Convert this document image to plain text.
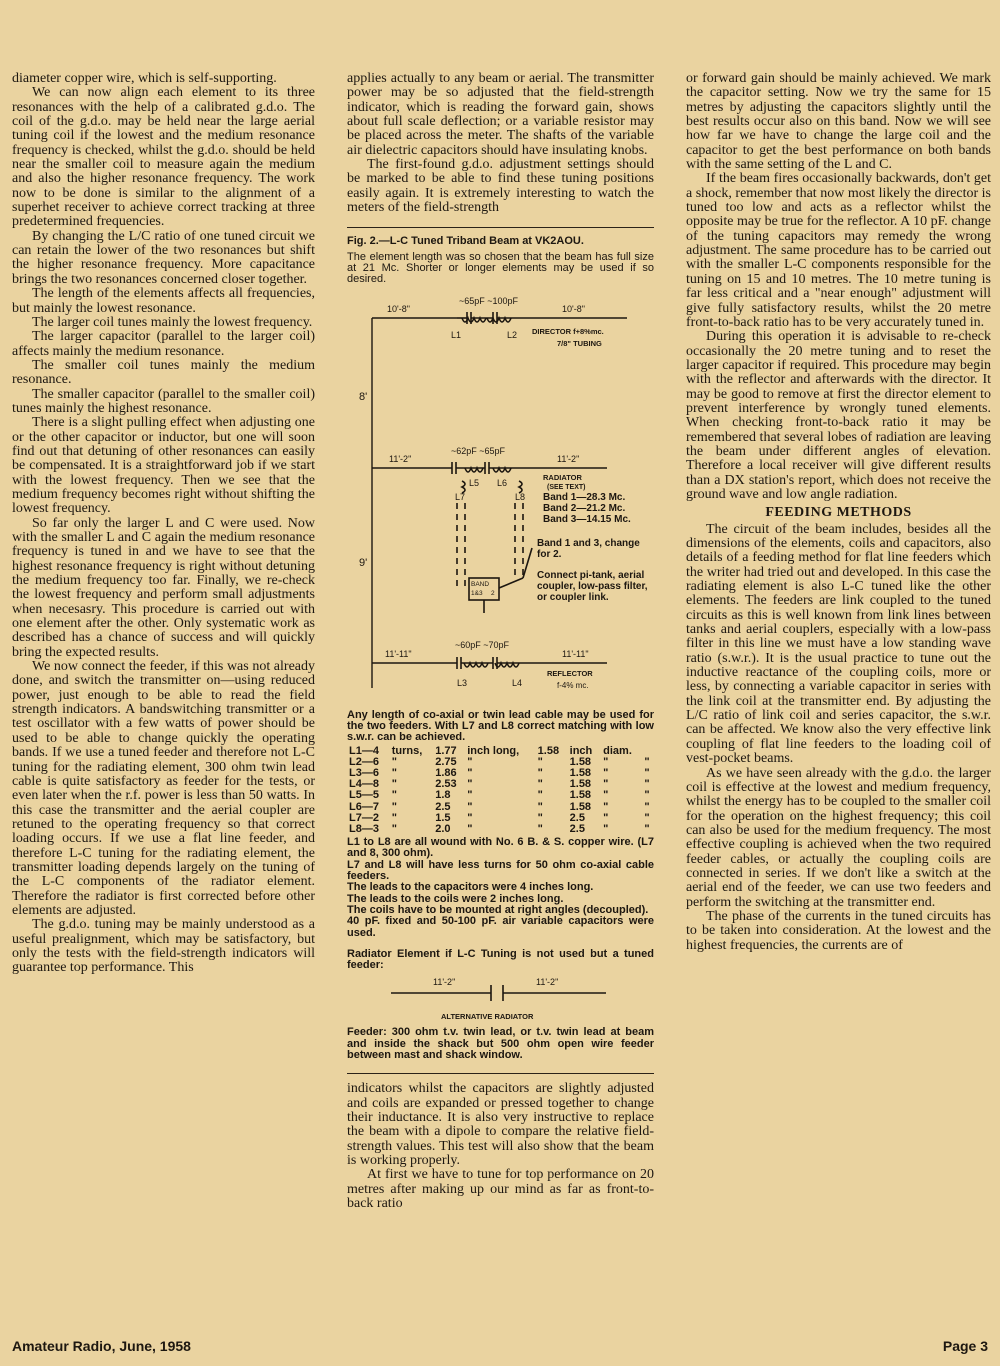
diameter copper wire, which is self-supporting.

We can now align each element to its three resonances with the help of a calibrated g.d.o. The coil of the g.d.o. may be held near the large aerial tuning coil if the lowest and the medium resonance frequency is checked, whilst the g.d.o. should be held near the smaller coil to measure again the medium and also the higher resonance frequency. The work now to be done is similar to the alignment of a superhet receiver to achieve correct tracking at three predetermined frequencies.

By changing the L/C ratio of one tuned circuit we can retain the lower of the two resonances but shift the higher resonance frequency. More capacitance brings the two resonances concerned closer together.

The length of the elements affects all frequencies, but mainly the lowest resonance.

The larger coil tunes mainly the lowest frequency.

The larger capacitor (parallel to the larger coil) affects mainly the medium resonance.

The smaller coil tunes mainly the medium resonance.

The smaller capacitor (parallel to the smaller coil) tunes mainly the highest resonance.

There is a slight pulling effect when adjusting one or the other capacitor or inductor, but one will soon find out that detuning of other resonances can easily be compensated. It is a straightforward job if we start with the lowest frequency. Then we see that the medium frequency becomes right without shifting the lowest frequency.

So far only the larger L and C were used. Now with the smaller L and C again the medium resonance frequency is tuned in and we have to see that the highest resonance frequency is right without detuning the medium frequency too far. Finally, we re-check the lowest frequency and perform small adjustments when necesasry. This procedure is carried out with one element after the other. Only systematic work as described has a chance of success and will quickly bring the expected results.

We now connect the feeder, if this was not already done, and switch the transmitter on—using reduced power, just enough to be able to read the field strength indicators. A bandswitching transmitter or a test oscillator with a few watts of power should be used to be able to change quickly the operating bands. If we use a tuned feeder and therefore not L-C tuning for the radiating element, 300 ohm twin lead cable is quite satisfactory as feeder for the tests, or even later when the r.f. power is less than 50 watts. In this case the transmitter and the aerial coupler are retuned to the operating frequency so that correct loading occurs. If we use a flat line feeder, and therefore L-C tuning for the radiating element, the transmitter loading depends largely on the tuning of the L-C components of the radiator element. Therefore the radiator is first corrected before other elements are adjusted.

The g.d.o. tuning may be mainly understood as a useful prealignment, which may be satisfactory, but only the tests with the field-strength indicators will guarantee top performance. This

applies actually to any beam or aerial. The transmitter power may be so adjusted that the field-strength indicator, which is reading the forward gain, shows about full scale deflection; or a variable resistor may be placed across the meter. The shafts of the variable air dielectric capacitors should have insulating knobs.

The first-found g.d.o. adjustment settings should be marked to be able to find these tuning positions easily again. It is extremely interesting to watch the meters of the field-strength

Fig. 2.—L-C Tuned Triband Beam at VK2AOU.

The element length was so chosen that the beam has full size at 21 Mc. Shorter or longer elements may be used if so desired.

10'-8"	10'-8"
~65pF ~100pF
L1	L2 DIRECTOR f+8%mc.
7/8" TUBING
8'
11'-2"	11'-2"
~62pF ~65pF
L5 L6
L7	L8
RADIATOR
(SEE TEXT)
Band 1—28.3 Mc.
Band 2—21.2 Mc.
Band 3—14.15 Mc.
9'
BAND
1&3 2
Band 1 and 3, change for 2.
Connect pi-tank, aerial coupler, low-pass filter, or coupler link.
11'-11"	11'-11"
~60pF ~70pF
L3	L4
REFLECTOR
f-4% mc.

Any length of co-axial or twin lead cable may be used for the two feeders. With L7 and L8 correct matching with low s.w.r. can be achieved.

L1—4	turns,	1.77	inch long,	1.58	inch	diam.	
L2—6	"	2.75	"	"	1.58	"	"
L3—6	"	1.86	"	"	1.58	"	"
L4—8	"	2.53	"	"	1.58	"	"
L5—5	"	1.8	"	"	1.58	"	"
L6—7	"	2.5	"	"	1.58	"	"
L7—2	"	1.5	"	"	2.5	"	"
L8—3	"	2.0	"	"	2.5	"	"

L1 to L8 are all wound with No. 6 B. & S. copper wire. (L7 and 8, 300 ohm).

L7 and L8 will have less turns for 50 ohm co-axial cable feeders.

The leads to the capacitors were 4 inches long.

The leads to the coils were 2 inches long.

The coils have to be mounted at right angles (decoupled).

40 pF. fixed and 50-100 pF. air variable capacitors were used.

Radiator Element if L-C Tuning is not used but a tuned feeder:

11'-2"	11'-2"
ALTERNATIVE RADIATOR

Feeder: 300 ohm t.v. twin lead, or t.v. twin lead at beam and inside the shack but 500 ohm open wire feeder between mast and shack window.

indicators whilst the capacitors are slightly adjusted and coils are expanded or pressed together to change their inductance. It is also very instructive to replace the beam with a dipole to compare the relative field-strength values. This test will also show that the beam is working properly.

At first we have to tune for top performance on 20 metres after making up our mind as far as front-to-back ratio

or forward gain should be mainly achieved. We mark the capacitor setting. Now we try the same for 15 metres by adjusting the capacitors slightly until the best results occur also on this band. Now we will see how far we have to change the large coil and the capacitor to get the best performance on both bands with the same setting of the L and C.

If the beam fires occasionally backwards, don't get a shock, remember that now most likely the director is tuned too low and acts as a reflector whilst the opposite may be true for the reflector. A 10 pF. change of the tuning capacitors may remedy the wrong adjustment. The same procedure has to be carried out with the smaller L-C components responsible for the tuning on 15 and 10 metres. The 10 metre tuning is far less critical and a "near enough" adjustment will give fully satisfactory results, whilst the 20 metre front-to-back ratio has to be very accurately tuned in.

During this operation it is advisable to re-check occasionally the 20 metre tuning and to reset the larger capacitor if required. This procedure may begin with the reflector and afterwards with the director. It may be good to remove at first the director element to prevent interference by wrongly tuned elements. When checking front-to-back ratio it may be remembered that several lobes of radiation are leaving the beam under different angles of elevation. Therefore a local receiver will give different results than a DX station's report, which does not receive the ground wave and low angle radiation.

FEEDING METHODS

The circuit of the beam includes, besides all the dimensions of the elements, coils and capacitors, also details of a feeding method for flat line feeders which the writer had tried out and developed. In this case the radiating element is also L-C tuned like the other elements. The feeders are link coupled to the tuned circuits as this is well known from link lines between tanks and aerial couplers, especially with a low-pass filter in this line we must have a low standing wave ratio (s.w.r.). It is the usual practice to tune out the inductive reactance of the coupling coils, more or less, by connecting a variable capacitor in series with the link coil at the transmitter end. By adjusting the L/C ratio of link coil and series capacitor, the s.w.r. can be affected. We know also the very effective link coupling of flat line feeders to the loading coil of vest-pocket beams.

As we have seen already with the g.d.o. the larger coil is effective at the lowest and medium frequency, whilst the energy has to be coupled to the smaller coil for the operation on the highest frequency; this coil can also be used for the medium frequency. The most effective coupling is achieved when the two required feeder cables, or actually the coupling coils are connected in series. If we don't like a switch at the aerial end of the feeder, we can use two feeders and perform the switching at the transmitter end.

The phase of the currents in the tuned circuits has to be taken into consideration. At the lowest and the highest frequencies, the currents are of

Amateur Radio, June, 1958	Page 3
